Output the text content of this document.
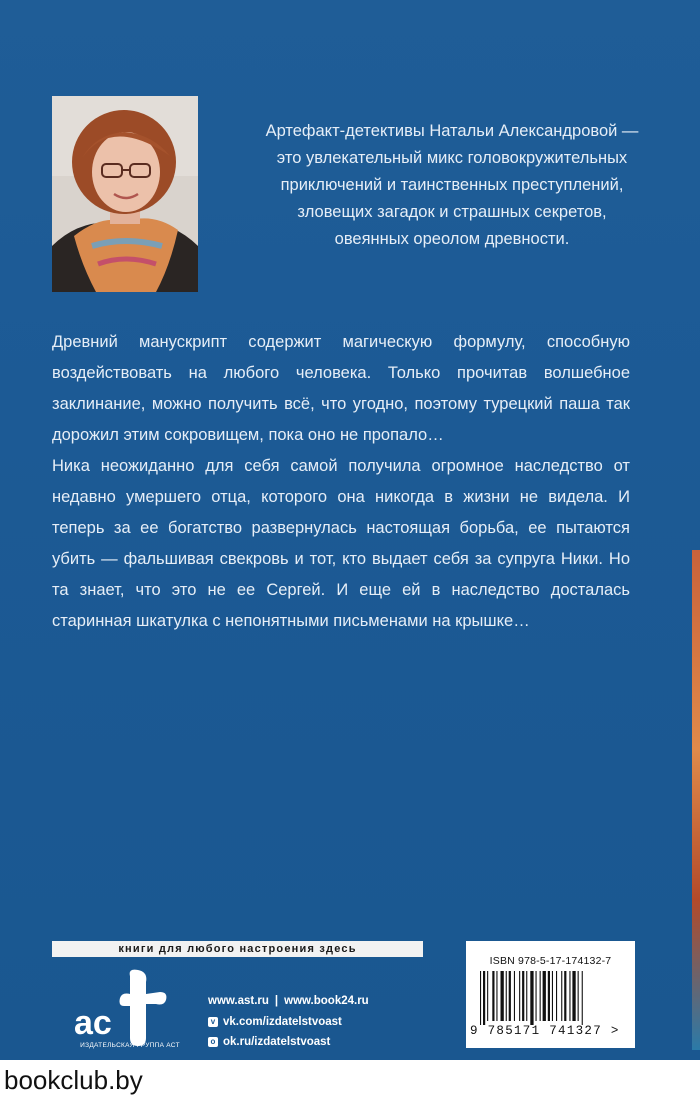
Артефакт-детективы Натальи Александровой —
это увлекательный микс головокружительных
приключений и таинственных преступлений,
зловещих загадок и страшных секретов,
овеянных ореолом древности.

Древний манускрипт содержит магическую формулу, способную воздействовать на любого человека. Только прочитав волшебное заклинание, можно получить всё, что угодно, поэтому турецкий паша так дорожил этим сокровищем, пока оно не пропало…

Ника неожиданно для себя самой получила огромное наследство от недавно умершего отца, которого она никогда в жизни не видела. И теперь за ее богатство развернулась настоящая борьба, ее пытаются убить — фальшивая свекровь и тот, кто выдает себя за супруга Ники. Но та знает, что это не ее Сергей. И еще ей в наследство досталась старинная шкатулка с непонятными письменами на крышке…

книги для любого настроения здесь
ac
ИЗДАТЕЛЬСКАЯ ГРУППА АСТ
www.ast.ru | www.book24.ru
v vk.com/izdatelstvoast
o ok.ru/izdatelstvoast
ISBN 978-5-17-174132-7
9 785171 741327 >
bookclub.by
